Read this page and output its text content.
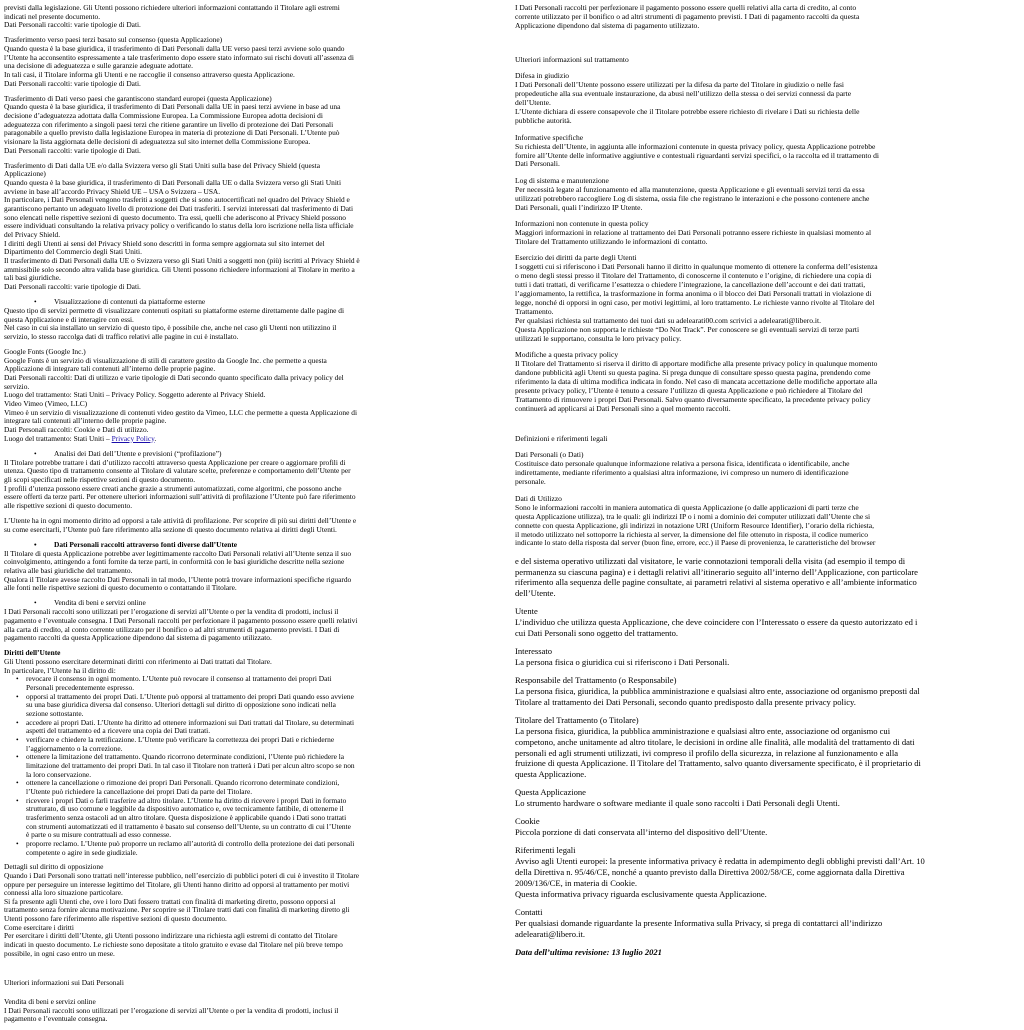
previsti dalla legislazione. Gli Utenti possono richiedere ulteriori informazioni contattando il Titolare agli estremi
indicati nel presente documento.
Dati Personali raccolti: varie tipologie di Dati.

Trasferimento verso paesi terzi basato sul consenso (questa Applicazione)
Quando questa è la base giuridica, il trasferimento di Dati Personali dalla UE verso paesi terzi avviene solo quando
l’Utente ha acconsentito espressamente a tale trasferimento dopo essere stato informato sui rischi dovuti all’assenza di
una decisione di adeguatezza e sulle garanzie adeguate adottate.
In tali casi, il Titolare informa gli Utenti e ne raccoglie il consenso attraverso questa Applicazione.
Dati Personali raccolti: varie tipologie di Dati.

Trasferimento di Dati verso paesi che garantiscono standard europei (questa Applicazione)
Quando questa è la base giuridica, il trasferimento di Dati Personali dalla UE in paesi terzi avviene in base ad una
decisione d’adeguatezza adottata dalla Commissione Europea. La Commissione Europea adotta decisioni di
adeguatezza con riferimento a singoli paesi terzi che ritiene garantire un livello di protezione dei Dati Personali
paragonabile a quello previsto dalla legislazione Europea in materia di protezione di Dati Personali. L’Utente può
visionare la lista aggiornata delle decisioni di adeguatezza sul sito internet della Commissione Europea.
Dati Personali raccolti: varie tipologie di Dati.

Trasferimento di Dati dalla UE e/o dalla Svizzera verso gli Stati Uniti sulla base del Privacy Shield (questa
Applicazione)
Quando questa è la base giuridica, il trasferimento di Dati Personali dalla UE o dalla Svizzera verso gli Stati Uniti
avviene in base all’accordo Privacy Shield UE – USA o Svizzera – USA.
In particolare, i Dati Personali vengono trasferiti a soggetti che si sono autocertificati nel quadro del Privacy Shield e
garantiscono pertanto un adeguato livello di protezione dei Dati trasferiti. I servizi interessati dal trasferimento di Dati
sono elencati nelle rispettive sezioni di questo documento. Tra essi, quelli che aderiscono al Privacy Shield possono
essere individuati consultando la relativa privacy policy o verificando lo status della loro iscrizione nella lista ufficiale
del Privacy Shield.
I diritti degli Utenti ai sensi del Privacy Shield sono descritti in forma sempre aggiornata sul sito internet del
Dipartimento del Commercio degli Stati Uniti.
Il trasferimento di Dati Personali dalla UE o Svizzera verso gli Stati Uniti a soggetti non (più) iscritti al Privacy Shield è
ammissibile solo secondo altra valida base giuridica. Gli Utenti possono richiedere informazioni al Titolare in merito a
tali basi giuridiche.
Dati Personali raccolti: varie tipologie di Dati.

• Visualizzazione di contenuti da piattaforme esterne

Questo tipo di servizi permette di visualizzare contenuti ospitati su piattaforme esterne direttamente dalle pagine di
questa Applicazione e di interagire con essi.
Nel caso in cui sia installato un servizio di questo tipo, è possibile che, anche nel caso gli Utenti non utilizzino il
servizio, lo stesso raccolga dati di traffico relativi alle pagine in cui è installato.

Google Fonts (Google Inc.)
Google Fonts è un servizio di visualizzazione di stili di carattere gestito da Google Inc. che permette a questa
Applicazione di integrare tali contenuti all’interno delle proprie pagine.
Dati Personali raccolti: Dati di utilizzo e varie tipologie di Dati secondo quanto specificato dalla privacy policy del
servizio.
Luogo del trattamento: Stati Uniti – Privacy Policy. Soggetto aderente al Privacy Shield.
Video Vimeo (Vimeo, LLC)
Vimeo è un servizio di visualizzazione di contenuti video gestito da Vimeo, LLC che permette a questa Applicazione di
integrare tali contenuti all’interno delle proprie pagine.
Dati Personali raccolti: Cookie e Dati di utilizzo.
Luogo del trattamento: Stati Uniti – Privacy Policy.

• Analisi dei Dati dell’Utente e previsioni (“profilazione”)

Il Titolare potrebbe trattare i dati d’utilizzo raccolti attraverso questa Applicazione per creare o aggiornare profili di
utenza. Questo tipo di trattamento consente al Titolare di valutare scelte, preferenze e comportamento dell’Utente per
gli scopi specificati nelle rispettive sezioni di questo documento.
I profili d’utenza possono essere creati anche grazie a strumenti automatizzati, come algoritmi, che possono anche
essere offerti da terze parti. Per ottenere ulteriori informazioni sull’attività di profilazione l’Utente può fare riferimento
alle rispettive sezioni di questo documento.

L’Utente ha in ogni momento diritto ad opporsi a tale attività di profilazione. Per scoprire di più sui diritti dell’Utente e
su come esercitarli, l’Utente può fare riferimento alla sezione di questo documento relativa ai diritti degli Utenti.

• Dati Personali raccolti attraverso fonti diverse dall’Utente

Il Titolare di questa Applicazione potrebbe aver legittimamente raccolto Dati Personali relativi all’Utente senza il suo
coinvolgimento, attingendo a fonti fornite da terze parti, in conformità con le basi giuridiche descritte nella sezione
relativa alle basi giuridiche del trattamento.
Qualora il Titolare avesse raccolto Dati Personali in tal modo, l’Utente potrà trovare informazioni specifiche riguardo
alle fonti nelle rispettive sezioni di questo documento o contattando il Titolare.

• Vendita di beni e servizi online

I Dati Personali raccolti sono utilizzati per l’erogazione di servizi all’Utente o per la vendita di prodotti, inclusi il
pagamento e l’eventuale consegna. I Dati Personali raccolti per perfezionare il pagamento possono essere quelli relativi
alla carta di credito, al conto corrente utilizzato per il bonifico o ad altri strumenti di pagamento previsti. I Dati di
pagamento raccolti da questa Applicazione dipendono dal sistema di pagamento utilizzato.

Diritti dell’Utente
Gli Utenti possono esercitare determinati diritti con riferimento ai Dati trattati dal Titolare.
In particolare, l’Utente ha il diritto di:
• revocare il consenso in ogni momento. L’Utente può revocare il consenso al trattamento dei propri Dati
Personali precedentemente espresso.
• opporsi al trattamento dei propri Dati. L’Utente può opporsi al trattamento dei propri Dati quando esso avviene
su una base giuridica diversa dal consenso. Ulteriori dettagli sul diritto di opposizione sono indicati nella
sezione sottostante.
• accedere ai propri Dati. L’Utente ha diritto ad ottenere informazioni sui Dati trattati dal Titolare, su determinati
aspetti del trattamento ed a ricevere una copia dei Dati trattati.
• verificare e chiedere la rettificazione. L’Utente può verificare la correttezza dei propri Dati e richiederne
l’aggiornamento o la correzione.
• ottenere la limitazione del trattamento. Quando ricorrono determinate condizioni, l’Utente può richiedere la
limitazione del trattamento dei propri Dati. In tal caso il Titolare non tratterà i Dati per alcun altro scopo se non
la loro conservazione.
• ottenere la cancellazione o rimozione dei propri Dati Personali. Quando ricorrono determinate condizioni,
l’Utente può richiedere la cancellazione dei propri Dati da parte del Titolare.
• ricevere i propri Dati o farli trasferire ad altro titolare. L’Utente ha diritto di ricevere i propri Dati in formato
strutturato, di uso comune e leggibile da dispositivo automatico e, ove tecnicamente fattibile, di ottenerne il
trasferimento senza ostacoli ad un altro titolare. Questa disposizione è applicabile quando i Dati sono trattati
con strumenti automatizzati ed il trattamento è basato sul consenso dell’Utente, su un contratto di cui l’Utente
è parte o su misure contrattuali ad esso connesse.
• proporre reclamo. L’Utente può proporre un reclamo all’autorità di controllo della protezione dei dati personali
competente o agire in sede giudiziale.

Dettagli sul diritto di opposizione
Quando i Dati Personali sono trattati nell’interesse pubblico, nell’esercizio di pubblici poteri di cui è investito il Titolare
oppure per perseguire un interesse legittimo del Titolare, gli Utenti hanno diritto ad opporsi al trattamento per motivi
connessi alla loro situazione particolare.
Si fa presente agli Utenti che, ove i loro Dati fossero trattati con finalità di marketing diretto, possono opporsi al
trattamento senza fornire alcuna motivazione. Per scoprire se il Titolare tratti dati con finalità di marketing diretto gli
Utenti possono fare riferimento alle rispettive sezioni di questo documento.
Come esercitare i diritti
Per esercitare i diritti dell’Utente, gli Utenti possono indirizzare una richiesta agli estremi di contatto del Titolare
indicati in questo documento. Le richieste sono depositate a titolo gratuito e evase dal Titolare nel più breve tempo
possibile, in ogni caso entro un mese.

Ulteriori informazioni sui Dati Personali

Vendita di beni e servizi online
I Dati Personali raccolti sono utilizzati per l’erogazione di servizi all’Utente o per la vendita di prodotti, inclusi il
pagamento e l’eventuale consegna.

I Dati Personali raccolti per perfezionare il pagamento possono essere quelli relativi alla carta di credito, al conto
corrente utilizzato per il bonifico o ad altri strumenti di pagamento previsti. I Dati di pagamento raccolti da questa
Applicazione dipendono dal sistema di pagamento utilizzato.

Ulteriori informazioni sul trattamento

Difesa in giudizio
I Dati Personali dell’Utente possono essere utilizzati per la difesa da parte del Titolare in giudizio o nelle fasi
propedeutiche alla sua eventuale instaurazione, da abusi nell’utilizzo della stessa o dei servizi connessi da parte
dell’Utente.
L’Utente dichiara di essere consapevole che il Titolare potrebbe essere richiesto di rivelare i Dati su richiesta delle
pubbliche autorità.

Informative specifiche
Su richiesta dell’Utente, in aggiunta alle informazioni contenute in questa privacy policy, questa Applicazione potrebbe
fornire all’Utente delle informative aggiuntive e contestuali riguardanti servizi specifici, o la raccolta ed il trattamento di
Dati Personali.

Log di sistema e manutenzione
Per necessità legate al funzionamento ed alla manutenzione, questa Applicazione e gli eventuali servizi terzi da essa
utilizzati potrebbero raccogliere Log di sistema, ossia file che registrano le interazioni e che possono contenere anche
Dati Personali, quali l’indirizzo IP Utente.

Informazioni non contenute in questa policy
Maggiori informazioni in relazione al trattamento dei Dati Personali potranno essere richieste in qualsiasi momento al
Titolare del Trattamento utilizzando le informazioni di contatto.

Esercizio dei diritti da parte degli Utenti
I soggetti cui si riferiscono i Dati Personali hanno il diritto in qualunque momento di ottenere la conferma dell’esistenza
o meno degli stessi presso il Titolare del Trattamento, di conoscerne il contenuto e l’origine, di richiedere una copia di
tutti i dati trattati, di verificarne l’esattezza o chiedere l’integrazione, la cancellazione dell’account e dei dati trattati,
l’aggiornamento, la rettifica, la trasformazione in forma anonima o il blocco dei Dati Personali trattati in violazione di
legge, nonché di opporsi in ogni caso, per motivi legittimi, al loro trattamento. Le richieste vanno rivolte al Titolare del
Trattamento.
Per qualsiasi richiesta sul trattamento dei tuoi dati su adelearati00.com scrivici a adelearati@libero.it.
Questa Applicazione non supporta le richieste “Do Not Track”. Per conoscere se gli eventuali servizi di terze parti
utilizzati le supportano, consulta le loro privacy policy.

Modifiche a questa privacy policy
Il Titolare del Trattamento si riserva il diritto di apportare modifiche alla presente privacy policy in qualunque momento
dandone pubblicità agli Utenti su questa pagina. Si prega dunque di consultare spesso questa pagina, prendendo come
riferimento la data di ultima modifica indicata in fondo. Nel caso di mancata accettazione delle modifiche apportate alla
presente privacy policy, l’Utente è tenuto a cessare l’utilizzo di questa Applicazione e può richiedere al Titolare del
Trattamento di rimuovere i propri Dati Personali. Salvo quanto diversamente specificato, la precedente privacy policy
continuerà ad applicarsi ai Dati Personali sino a quel momento raccolti.

Definizioni e riferimenti legali

Dati Personali (o Dati)
Costituisce dato personale qualunque informazione relativa a persona fisica, identificata o identificabile, anche
indirettamente, mediante riferimento a qualsiasi altra informazione, ivi compreso un numero di identificazione
personale.

Dati di Utilizzo
Sono le informazioni raccolti in maniera automatica di questa Applicazione (o dalle applicazioni di parti terze che
questa Applicazione utilizza), tra le quali: gli indirizzi IP o i nomi a dominio dei computer utilizzati dall’Utente che si
connette con questa Applicazione, gli indirizzi in notazione URI (Uniform Resource Identifier), l’orario della richiesta,
il metodo utilizzato nel sottoporre la richiesta al server, la dimensione del file ottenuto in risposta, il codice numerico
indicante lo stato della risposta dal server (buon fine, errore, ecc.) il Paese di provenienza, le caratteristiche del browser

e del sistema operativo utilizzati dal visitatore, le varie connotazioni temporali della visita (ad esempio il tempo di
permanenza su ciascuna pagina) e i dettagli relativi all’itinerario seguito all’interno dell’Applicazione, con particolare
riferimento alla sequenza delle pagine consultate, ai parametri relativi al sistema operativo e all’ambiente informatico
dell’Utente.

Utente
L’individuo che utilizza questa Applicazione, che deve coincidere con l’Interessato o essere da questo autorizzato ed i
cui Dati Personali sono oggetto del trattamento.

Interessato
La persona fisica o giuridica cui si riferiscono i Dati Personali.

Responsabile del Trattamento (o Responsabile)
La persona fisica, giuridica, la pubblica amministrazione e qualsiasi altro ente, associazione od organismo preposti dal
Titolare al trattamento dei Dati Personali, secondo quanto predisposto dalla presente privacy policy.

Titolare del Trattamento (o Titolare)
La persona fisica, giuridica, la pubblica amministrazione e qualsiasi altro ente, associazione od organismo cui
competono, anche unitamente ad altro titolare, le decisioni in ordine alle finalità, alle modalità del trattamento di dati
personali ed agli strumenti utilizzati, ivi compreso il profilo della sicurezza, in relazione al funzionamento e alla
fruizione di questa Applicazione. Il Titolare del Trattamento, salvo quanto diversamente specificato, è il proprietario di
questa Applicazione.

Questa Applicazione
Lo strumento hardware o software mediante il quale sono raccolti i Dati Personali degli Utenti.

Cookie
Piccola porzione di dati conservata all’interno del dispositivo dell’Utente.

Riferimenti legali
Avviso agli Utenti europei: la presente informativa privacy è redatta in adempimento degli obblighi previsti dall’Art. 10
della Direttiva n. 95/46/CE, nonché a quanto previsto dalla Direttiva 2002/58/CE, come aggiornata dalla Direttiva
2009/136/CE, in materia di Cookie.
Questa informativa privacy riguarda esclusivamente questa Applicazione.

Contatti
Per qualsiasi domande riguardante la presente Informativa sulla Privacy, si prega di contattarci all’indirizzo
adelearati@libero.it.

Data dell’ultima revisione: 13 luglio 2021
